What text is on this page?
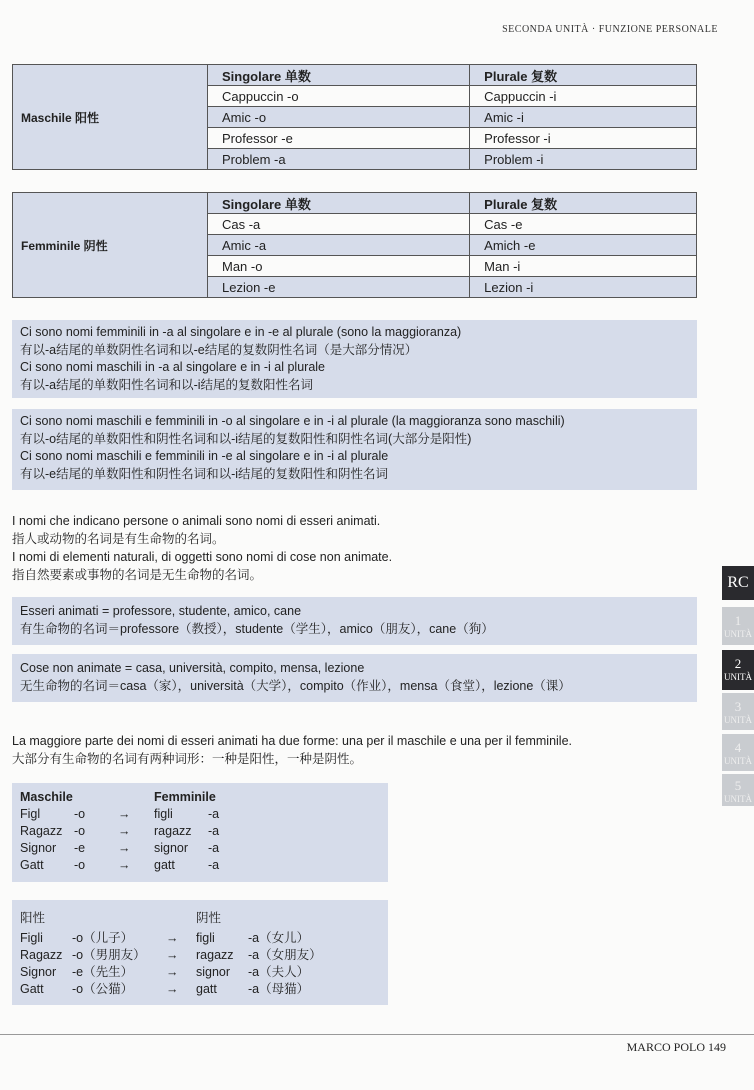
SECONDA UNITÀ · FUNZIONE PERSONALE
Maschile 阳性	Singolare 单数	Plurale 复数
	Cappuccin -o	Cappuccin -i
	Amic -o	Amic -i
	Professor -e	Professor -i
	Problem -a	Problem -i
Femminile 阴性	Singolare 单数	Plurale 复数
	Cas -a	Cas -e
	Amic -a	Amich -e
	Man -o	Man -i
	Lezion -e	Lezion -i
Ci sono nomi femminili in -a al singolare e in -e al plurale (sono la maggioranza)
有以-a结尾的单数阴性名词和以-e结尾的复数阴性名词（是大部分情况）
Ci sono nomi maschili in -a al singolare e in -i al plurale
有以-a结尾的单数阳性名词和以-i结尾的复数阳性名词
Ci sono nomi maschili e femminili in -o al singolare e in -i al plurale (la maggioranza sono maschili)
有以-o结尾的单数阳性和阴性名词和以-i结尾的复数阳性和阴性名词(大部分是阳性)
Ci sono nomi maschili e femminili in -e al singolare e in -i al plurale
有以-e结尾的单数阳性和阴性名词和以-i结尾的复数阳性和阴性名词
I nomi che indicano persone o animali sono nomi di esseri animati.
指人或动物的名词是有生命物的名词。
I nomi di elementi naturali, di oggetti sono nomi di cose non animate.
指自然要素或事物的名词是无生命物的名词。
Esseri animati = professore, studente, amico, cane
有生命物的名词＝professore（教授），studente（学生），amico（朋友），cane（狗）
Cose non animate = casa, università, compito, mensa, lezione
无生命物的名词＝casa（家），università（大学），compito（作业），mensa（食堂），lezione（课）
La maggiore parte dei nomi di esseri animati ha due forme: una per il maschile e una per il femminile.
大部分有生命物的名词有两种词形：一种是阳性，一种是阴性。
Maschile			Femminile	
Figl	-o	→	figli	-a
Ragazz	-o	→	ragazz	-a
Signor	-e	→	signor	-a
Gatt	-o	→	gatt	-a
阳性			阴性	
Figli	-o（儿子）	→	figli	-a（女儿）
Ragazz	-o（男朋友）	→	ragazz	-a（女朋友）
Signor	-e（先生）	→	signor	-a（夫人）
Gatt	-o（公猫）	→	gatt	-a（母猫）
RC
1
UNITÀ
2
UNITÀ
3
UNITÀ
4
UNITÀ
5
UNITÀ
MARCO POLO 149
